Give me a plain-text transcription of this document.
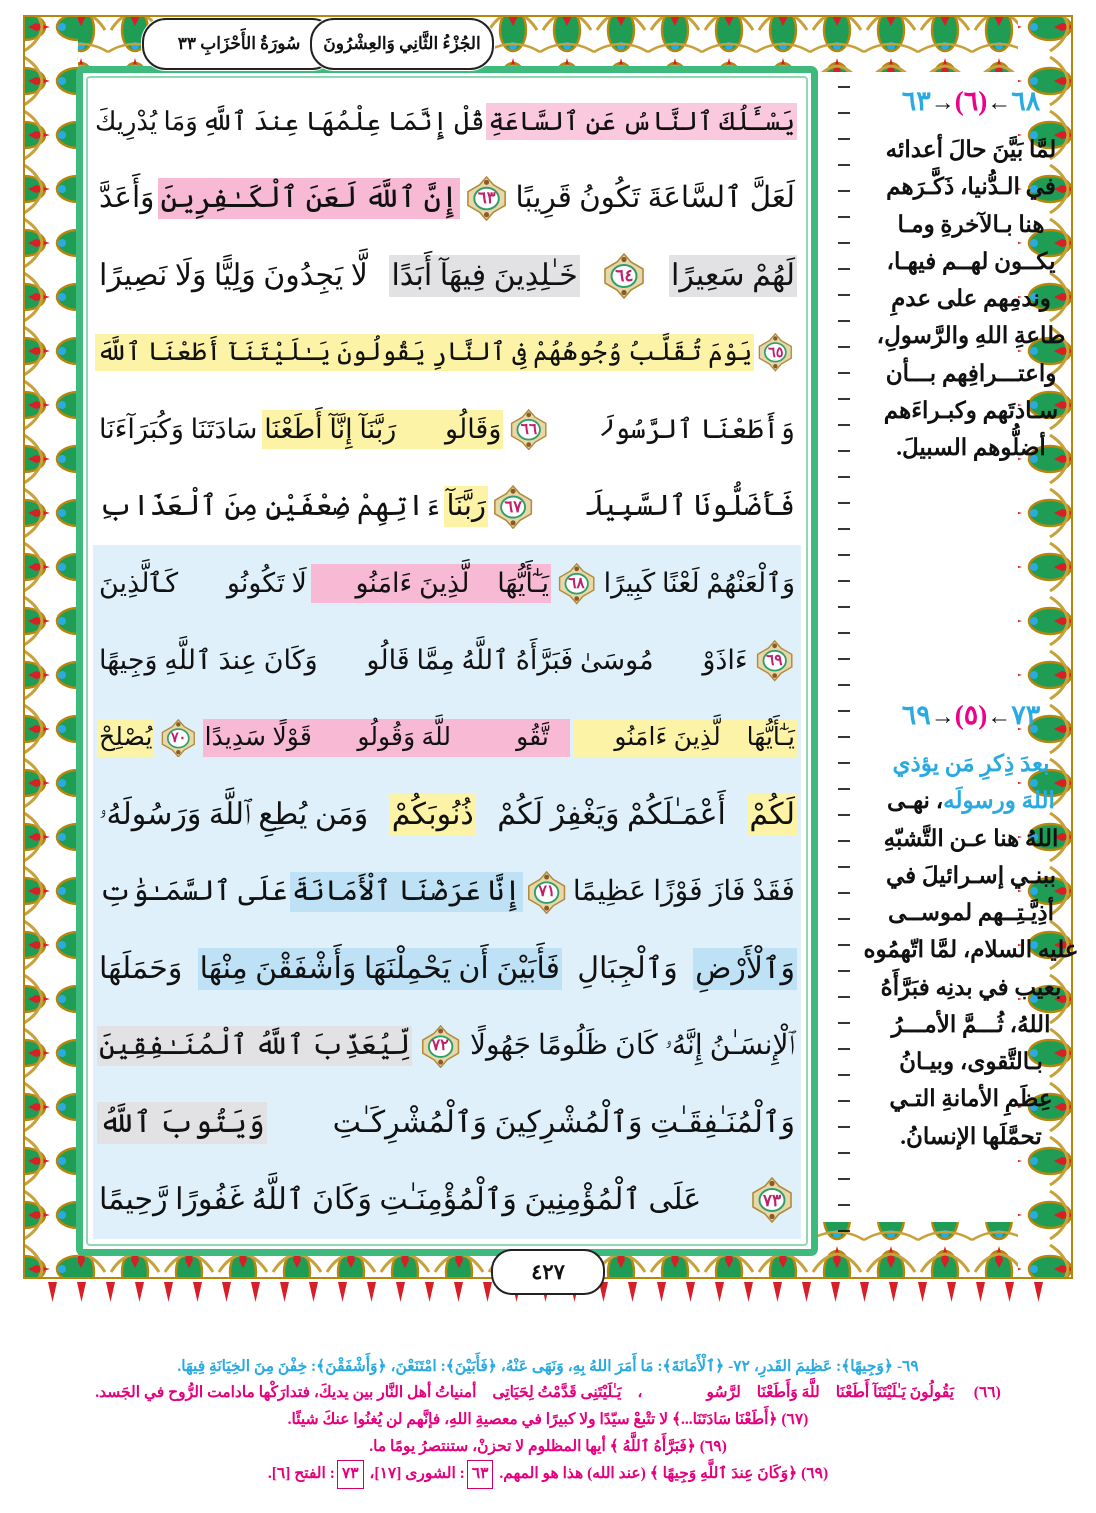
سُورَةُ الأَحْزَابِ ٣٣ الجُزْءُ الثَّانِي وَالعِشْرُونَ
يَسْـَٔلُكَ ٱلنَّاسُ عَنِ ٱلسَّاعَةِ
قُلْ إِنَّمَا عِلْمُهَا عِندَ ٱللَّهِ
وَمَا يُدْرِيكَ
لَعَلَّ ٱلسَّاعَةَ تَكُونُ قَرِيبًا
٦٣
إِنَّ ٱللَّهَ لَعَنَ ٱلْكَـٰفِرِينَ
وَأَعَدَّ
لَهُمْ سَعِيرًا
٦٤
خَـٰلِدِينَ فِيهَآ أَبَدًا
لَّا يَجِدُونَ وَلِيًّا وَلَا نَصِيرًا
٦٥
يَوْمَ تُقَلَّبُ وُجُوهُهُمْ فِى ٱلنَّارِ يَقُولُونَ يَـٰلَيْتَنَآ أَطَعْنَا ٱللَّهَ
وَأَطَعْنَا ٱلرَّسُولَا۠
٦٦
وَقَالُوا۟ رَبَّنَآ إِنَّآ أَطَعْنَا
سَادَتَنَا وَكُبَرَآءَنَا
فَأَضَلُّونَا ٱلسَّبِيلَا۠
٦٧
رَبَّنَآ
ءَاتِهِمْ ضِعْفَيْنِ مِنَ ٱلْعَذَابِ
وَٱلْعَنْهُمْ لَعْنًا كَبِيرًا
٦٨
يَـٰٓأَيُّهَا ٱلَّذِينَ ءَامَنُوا۟
لَا تَكُونُوا۟ كَٱلَّذِينَ
٦٩
ءَاذَوْا۟ مُوسَىٰ فَبَرَّأَهُ ٱللَّهُ مِمَّا قَالُوا۟ وَكَانَ عِندَ ٱللَّهِ وَجِيهًا
يَـٰٓأَيُّهَا ٱلَّذِينَ ءَامَنُوا۟
ٱتَّقُوا۟ ٱللَّهَ وَقُولُوا۟ قَوْلًا سَدِيدًا
٧٠
يُصْلِحْ
لَكُمْ
أَعْمَـٰلَكُمْ وَيَغْفِرْ لَكُمْ
ذُنُوبَكُمْ
وَمَن يُطِعِ ٱللَّهَ وَرَسُولَهُۥ
فَقَدْ فَازَ فَوْزًا عَظِيمًا
٧١
إِنَّا عَرَضْنَا ٱلْأَمَانَةَ
عَلَى ٱلسَّمَـٰوَٰتِ
وَٱلْأَرْضِ
وَٱلْجِبَالِ
فَأَبَيْنَ أَن يَحْمِلْنَهَا وَأَشْفَقْنَ مِنْهَا
وَحَمَلَهَا
ٱلْإِنسَـٰنُ إِنَّهُۥ كَانَ ظَلُومًا جَهُولًا
٧٢
لِّيُعَذِّبَ ٱللَّهُ ٱلْمُنَـٰفِقِينَ
وَٱلْمُنَـٰفِقَـٰتِ وَٱلْمُشْرِكِينَ وَٱلْمُشْرِكَـٰتِ
وَيَتُوبَ ٱللَّهُ
٧٣
عَلَى ٱلْمُؤْمِنِينَ وَٱلْمُؤْمِنَـٰتِ وَكَانَ ٱللَّهُ غَفُورًا رَّحِيمًا
٦٨←(٦)→٦٣
لمَّا بَيَّنَ حالَ أعدائه
في الـدُّنيا، ذَكَّـرَهم
هنا بـالآخرةِ ومـا
يكــون لهــم فيهـا،
وندمِهم على عدمِ
طاعةِ اللهِ والرَّسولِ،
واعتـــرافِهم بـــأن
سـادتَهم وكبـراءَهم
أضلُّوهم السبيلَ.
٧٣←(٥)→٦٩
بعدَ ذِكرِ مَن يؤذي
اللهَ ورسولَه، نهـى
اللهُ هنا عـن التَّشبّهِ
ببنـي إسـرائيلَ في
أذِيَّـتِــهم لموســى
عليه السلام، لمَّا اتّهمُوه
بعيب في بدنِه فبَرَّأَهُ
اللهُ، ثُـــمَّ الأمـــرُ
بـالتَّقوى، وبيـانُ
عِظَمِ الأمانةِ التـي
تحمَّلَها الإنسانُ.
٤٢٧
٦٩- ﴿وَجِيهًا﴾: عَظِيمَ القَدرِ، ٧٢- ﴿ٱلْأَمَانَةَ﴾: مَا أَمَرَ اللهُ بِهِ، وَنَهَى عَنْهُ، ﴿فَأَبَيْنَ﴾: امْتَنَعْنَ، ﴿وَأَشْفَقْنَ﴾: خِفْنَ مِنَ الخِيَانَةِ فِيهَا.
(٦٦) ﴿ يَقُولُونَ يَـٰلَيْتَنَآ أَطَعْنَا ٱللَّهَ وَأَطَعْنَا ٱلرَّسُولَا۠ ﴾، ﴿يَـٰلَيْتَنِى قَدَّمْتُ لِحَيَاتِى﴾ أمنياتُ أهل النَّار بين يديكَ، فتدارَكْها مادامت الرُّوح في الجَسد.
(٦٧) ﴿أَطَعْنَا سَادَتَنَا...﴾ لا تتْبعْ سيّدًا ولا كبيرًا في معصيةِ اللهِ، فإنَّهم لن يُغنُوا عنكَ شيئًا.
(٦٩) ﴿فَبَرَّأَهُ ٱللَّهُ ﴾ أيها المظلوم لا تحزنْ، ستنتصرُ يومًا ما.
(٦٩) ﴿وَكَانَ عِندَ ٱللَّهِ وَجِيهًا ﴾ (عند الله) هذا هو المهم. ٦٣: الشورى [١٧]، ٧٣: الفتح [٦].
